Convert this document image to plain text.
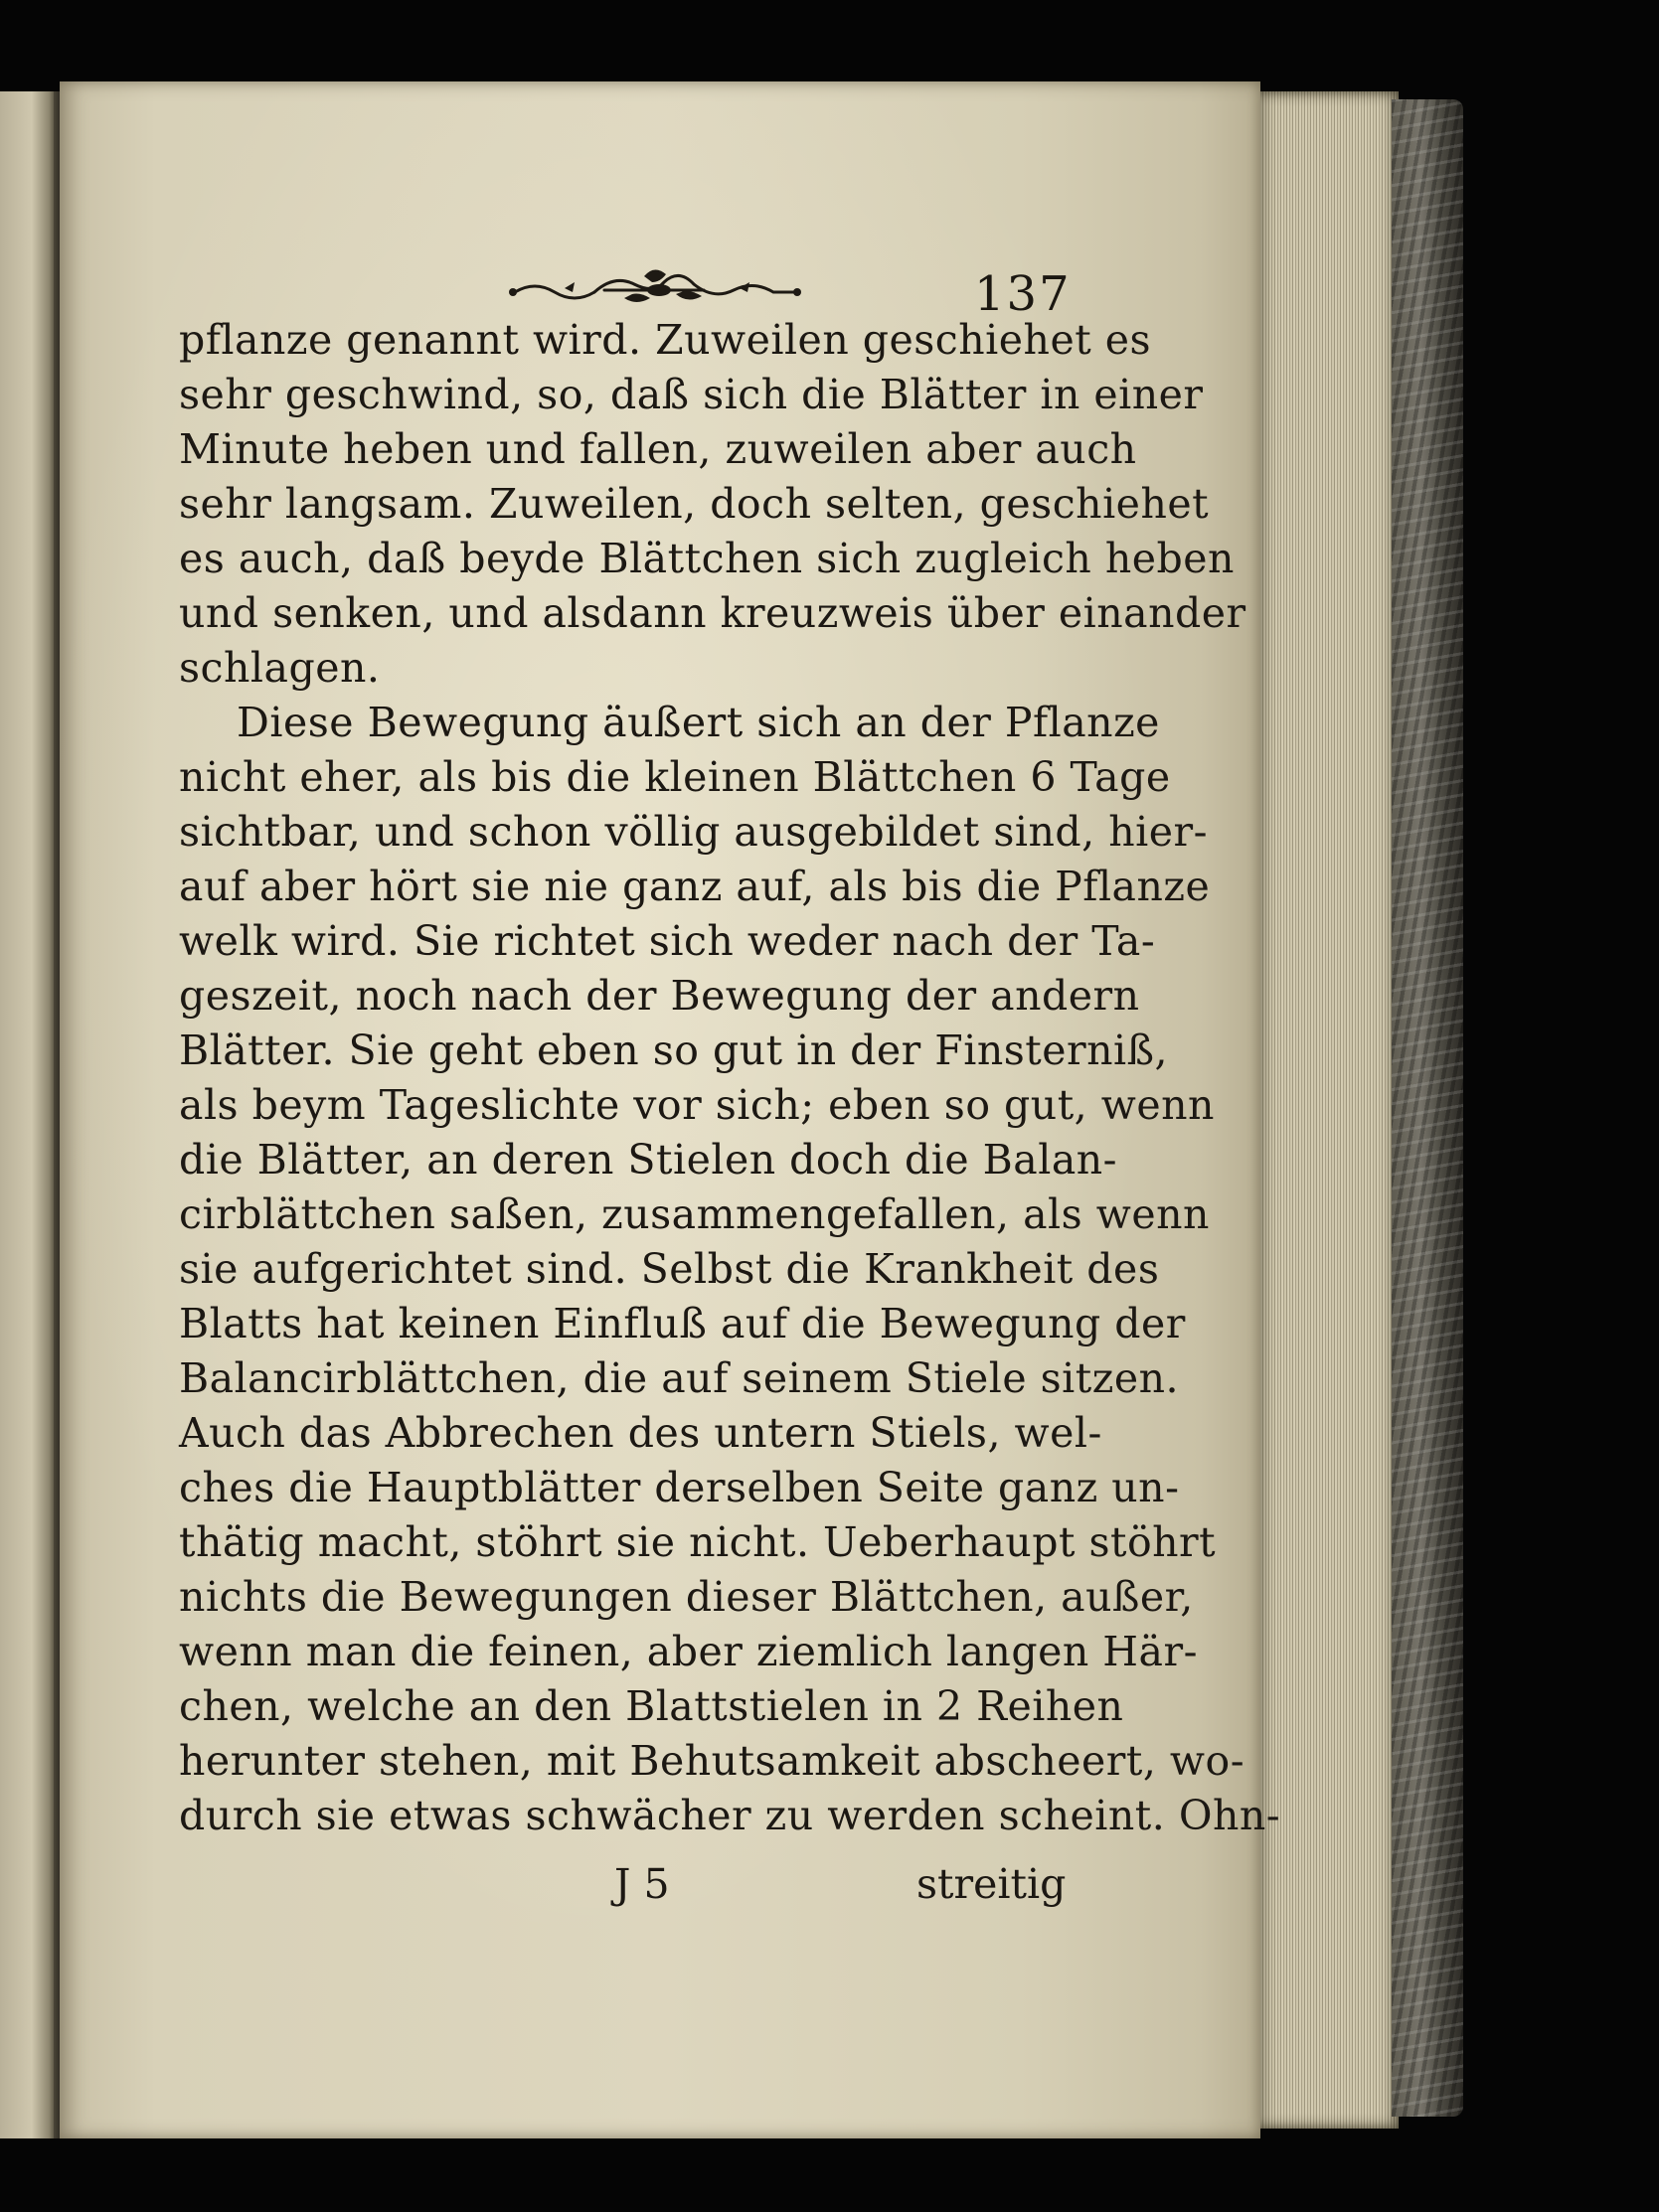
137
pflanze genannt wird. Zuweilen geschiehet es
sehr geschwind, so, daß sich die Blätter in einer
Minute heben und fallen, zuweilen aber auch
sehr langsam. Zuweilen, doch selten, geschiehet
es auch, daß beyde Blättchen sich zugleich heben
und senken, und alsdann kreuzweis über einander
schlagen.
Diese Bewegung äußert sich an der Pflanze
nicht eher, als bis die kleinen Blättchen 6 Tage
sichtbar, und schon völlig ausgebildet sind, hier-
auf aber hört sie nie ganz auf, als bis die Pflanze
welk wird. Sie richtet sich weder nach der Ta-
geszeit, noch nach der Bewegung der andern
Blätter. Sie geht eben so gut in der Finsterniß,
als beym Tageslichte vor sich; eben so gut, wenn
die Blätter, an deren Stielen doch die Balan-
cirblättchen saßen, zusammengefallen, als wenn
sie aufgerichtet sind. Selbst die Krankheit des
Blatts hat keinen Einfluß auf die Bewegung der
Balancirblättchen, die auf seinem Stiele sitzen.
Auch das Abbrechen des untern Stiels, wel-
ches die Hauptblätter derselben Seite ganz un-
thätig macht, stöhrt sie nicht. Ueberhaupt stöhrt
nichts die Bewegungen dieser Blättchen, außer,
wenn man die feinen, aber ziemlich langen Här-
chen, welche an den Blattstielen in 2 Reihen
herunter stehen, mit Behutsamkeit abscheert, wo-
durch sie etwas schwächer zu werden scheint. Ohn-
J 5	streitig
